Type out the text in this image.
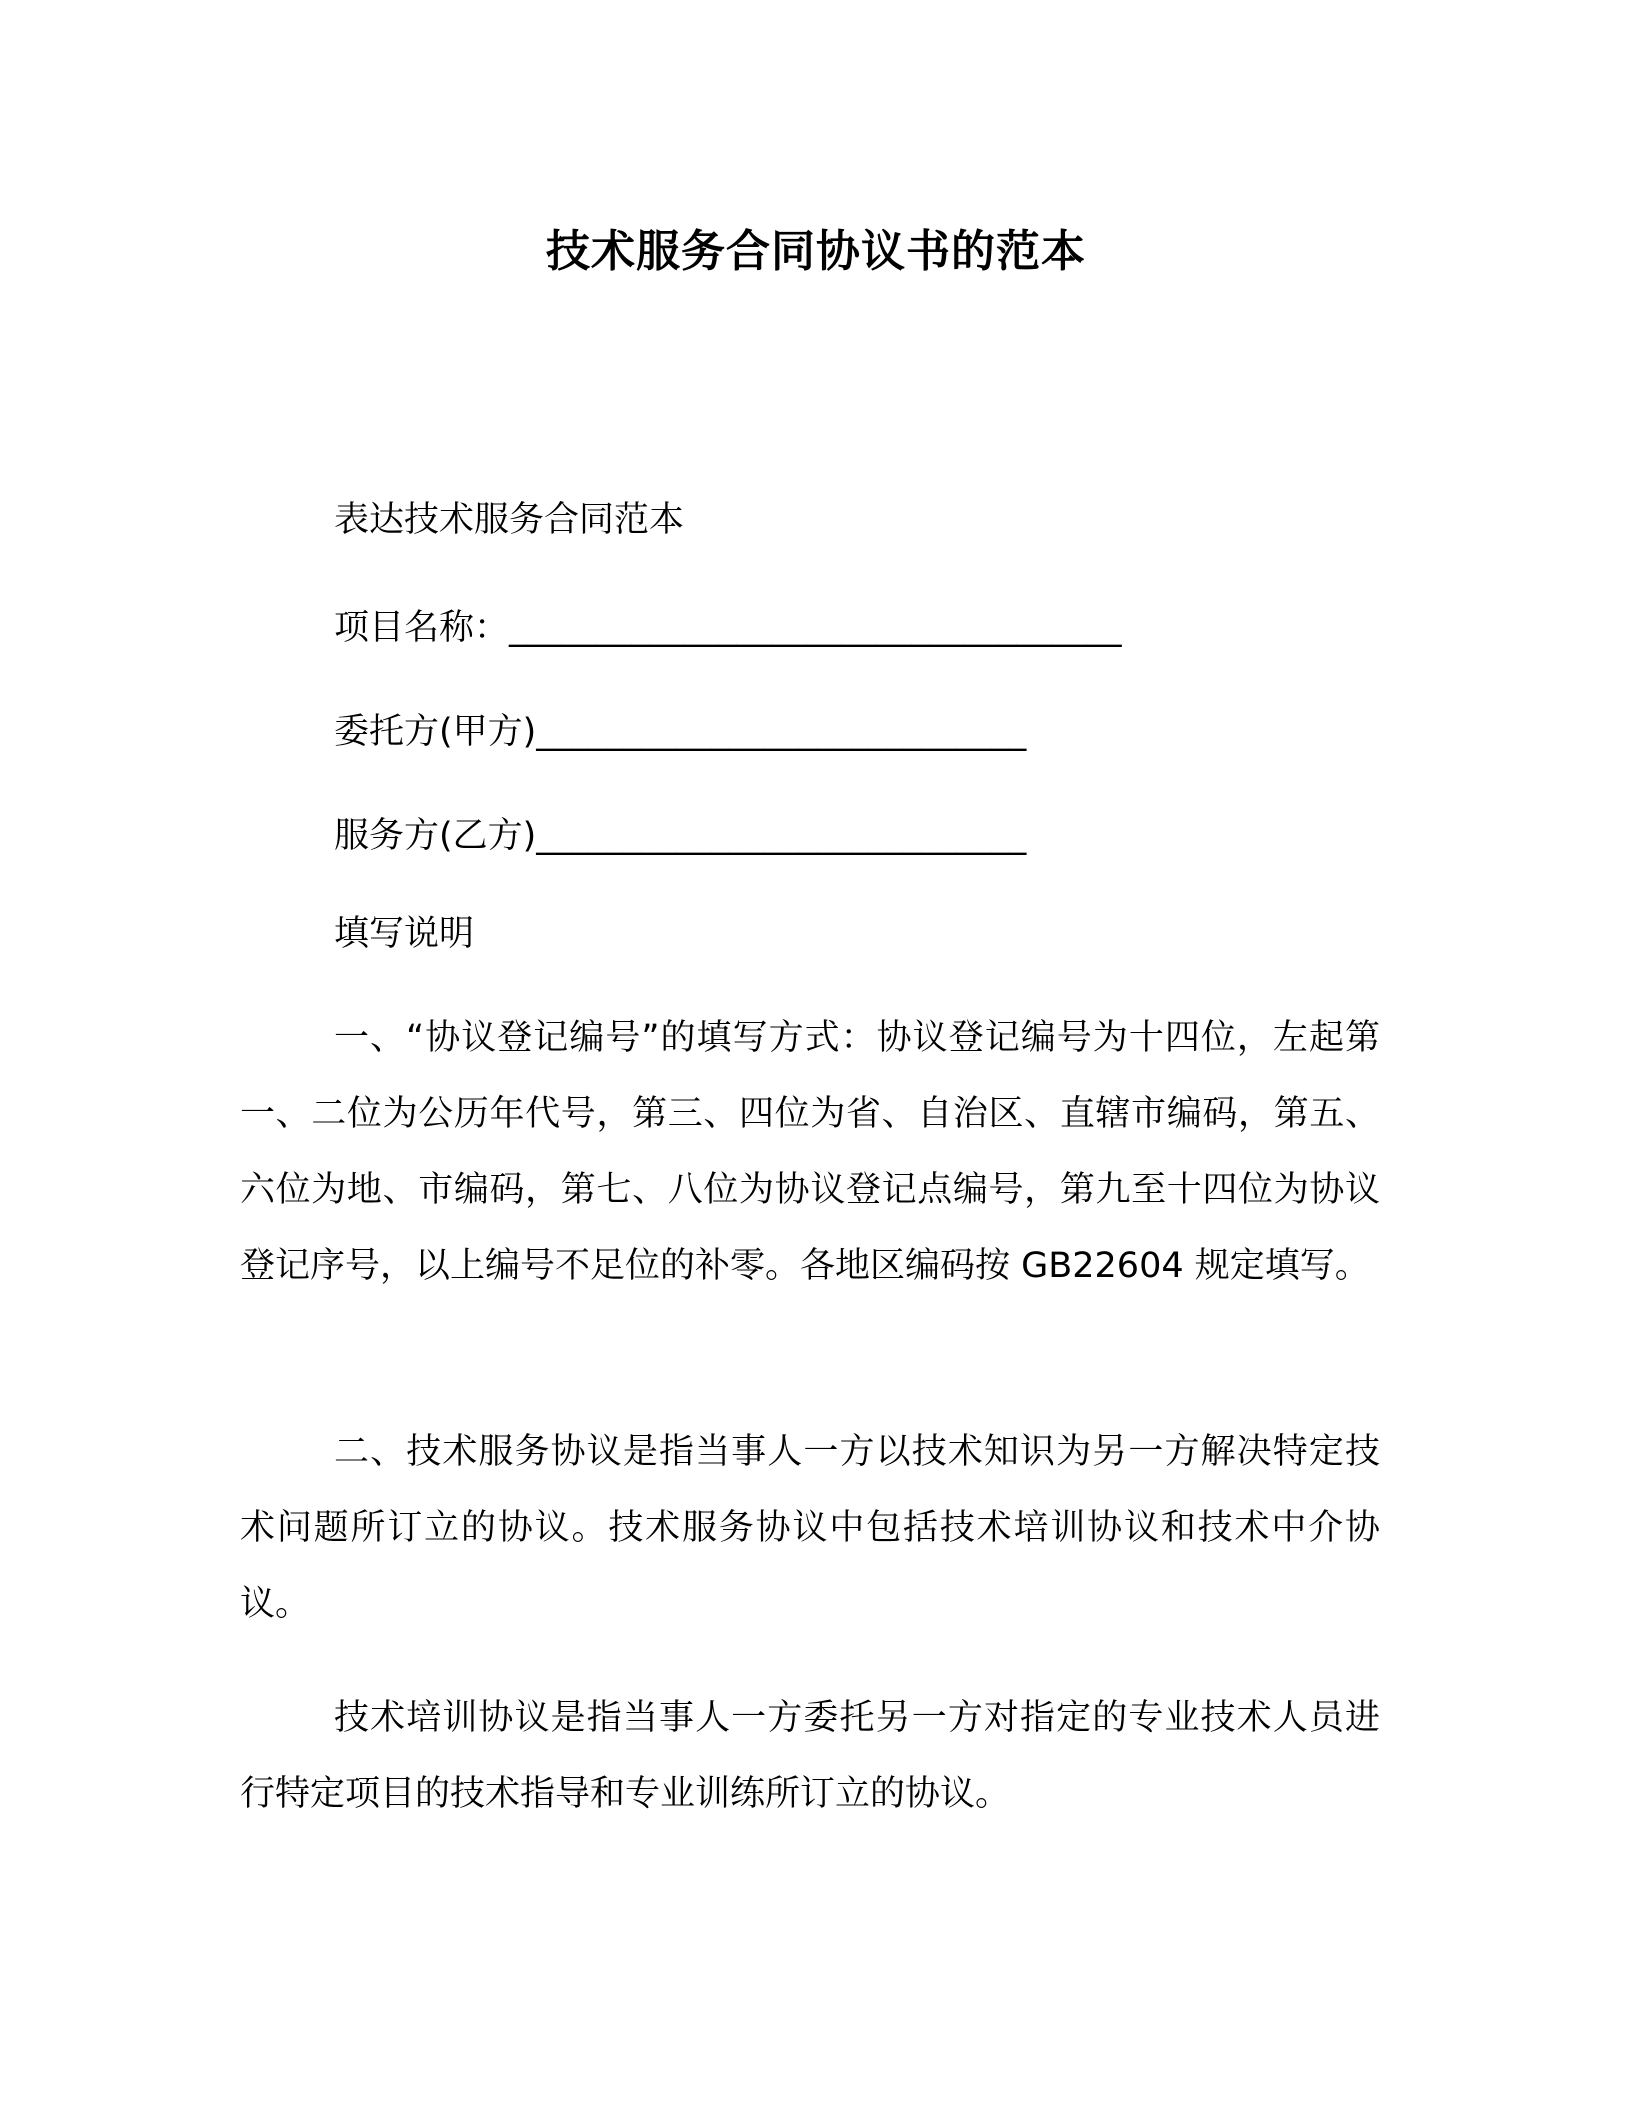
技术服务合同协议书的范本
表达技术服务合同范本
项目名称：___________________________________
委托方(甲方)____________________________
服务方(乙方)____________________________
填写说明
一、“协议登记编号”的填写方式：协议登记编号为十四位，左起第一、二位为公历年代号，第三、四位为省、自治区、直辖市编码，第五、六位为地、市编码，第七、八位为协议登记点编号，第九至十四位为协议登记序号，以上编号不足位的补零。各地区编码按 GB22604 规定填写。
二、技术服务协议是指当事人一方以技术知识为另一方解决特定技术问题所订立的协议。技术服务协议中包括技术培训协议和技术中介协议。
技术培训协议是指当事人一方委托另一方对指定的专业技术人员进行特定项目的技术指导和专业训练所订立的协议。
